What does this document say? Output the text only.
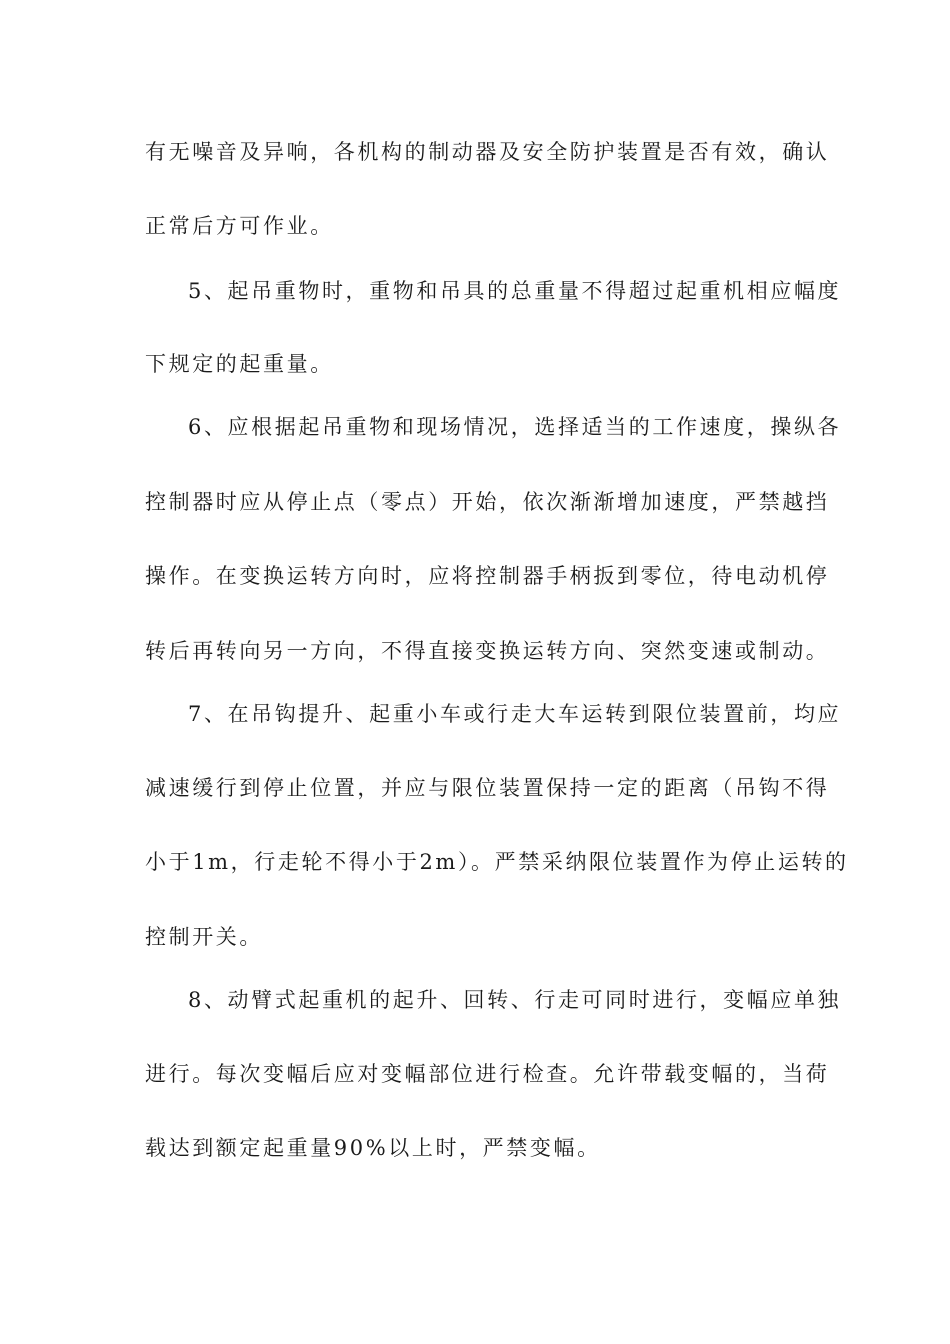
有无噪音及异响，各机构的制动器及安全防护装置是否有效，确认
正常后方可作业。
5、起吊重物时，重物和吊具的总重量不得超过起重机相应幅度
下规定的起重量。
6、应根据起吊重物和现场情况，选择适当的工作速度，操纵各
控制器时应从停止点（零点）开始，依次渐渐增加速度，严禁越挡
操作。在变换运转方向时，应将控制器手柄扳到零位，待电动机停
转后再转向另一方向，不得直接变换运转方向、突然变速或制动。
7、在吊钩提升、起重小车或行走大车运转到限位装置前，均应
减速缓行到停止位置，并应与限位装置保持一定的距离（吊钩不得
小于1m，行走轮不得小于2m）。严禁采纳限位装置作为停止运转的
控制开关。
8、动臂式起重机的起升、回转、行走可同时进行，变幅应单独
进行。每次变幅后应对变幅部位进行检查。允许带载变幅的，当荷
载达到额定起重量90%以上时，严禁变幅。
